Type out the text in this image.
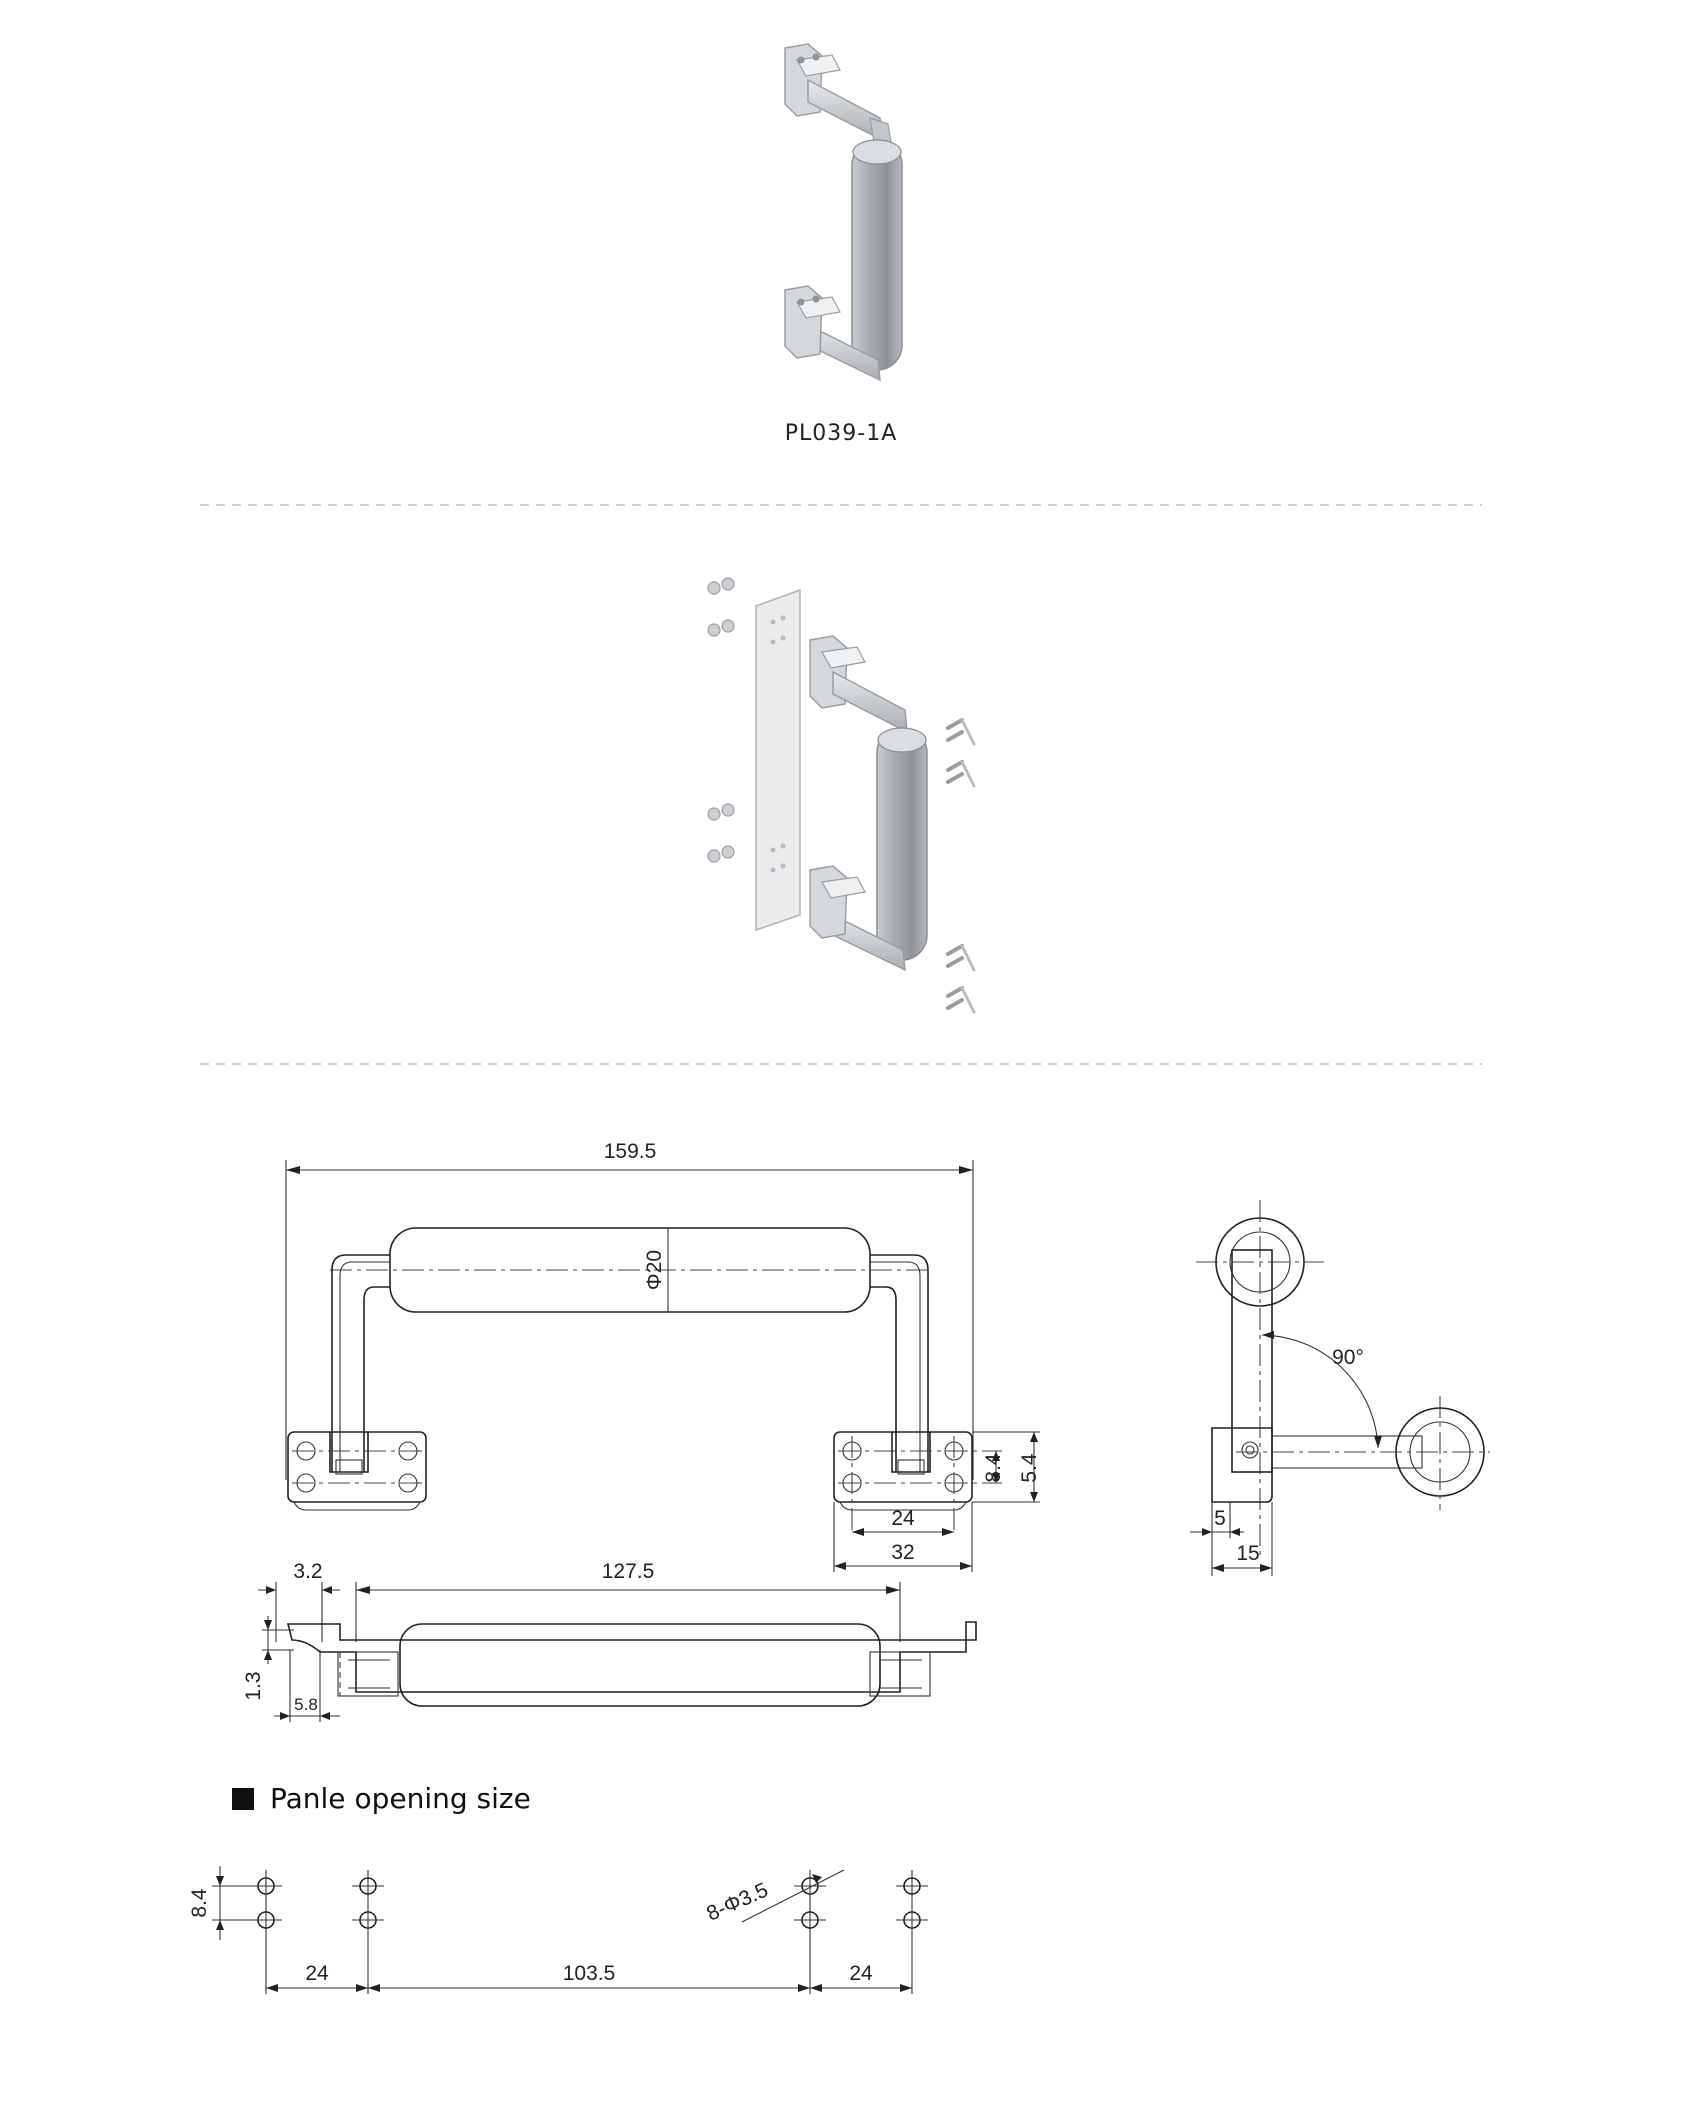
PL039-1A
159.5
Φ20
8.4 5.4
24
32
90°
5
15
3.2	127.5
1.3
5.8
Panle opening size
8.4	8-Φ3.5
24	103.5	24
